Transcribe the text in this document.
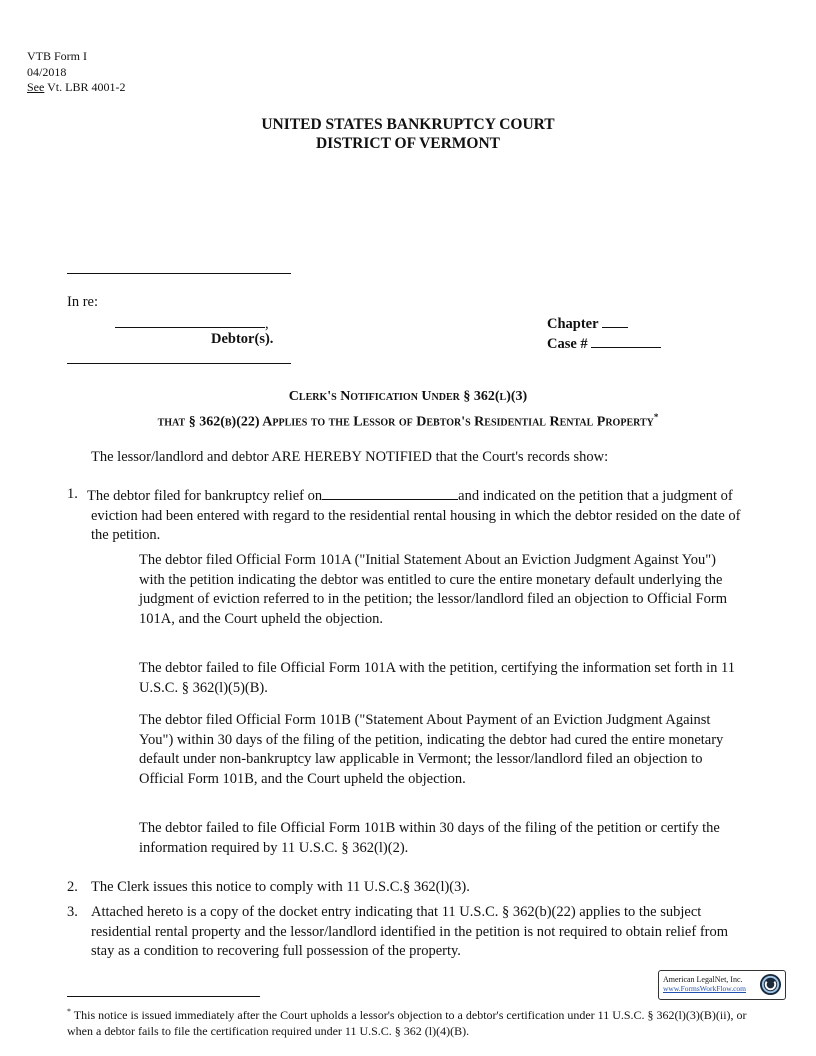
VTB Form I
04/2018
See Vt. LBR 4001-2
UNITED STATES BANKRUPTCY COURT
DISTRICT OF VERMONT
In re:
,
Debtor(s).
Chapter
Case #
Clerk's Notification Under § 362(l)(3)
that § 362(b)(22) Applies to the Lessor of Debtor's Residential Rental Property*
The lessor/landlord and debtor ARE HEREBY NOTIFIED that the Court's records show:
1. The debtor filed for bankruptcy relief on	and indicated on the petition that a judgment of eviction had been entered with regard to the residential rental housing in which the debtor resided on the date of the petition.
The debtor filed Official Form 101A ("Initial Statement About an Eviction Judgment Against You") with the petition indicating the debtor was entitled to cure the entire monetary default underlying the judgment of eviction referred to in the petition; the lessor/landlord filed an objection to Official Form 101A, and the Court upheld the objection.
The debtor failed to file Official Form 101A with the petition, certifying the information set forth in 11 U.S.C. § 362(l)(5)(B).
The debtor filed Official Form 101B ("Statement About Payment of an Eviction Judgment Against You") within 30 days of the filing of the petition, indicating the debtor had cured the entire monetary default under non-bankruptcy law applicable in Vermont; the lessor/landlord filed an objection to Official Form 101B, and the Court upheld the objection.
The debtor failed to file Official Form 101B within 30 days of the filing of the petition or certify the information required by 11 U.S.C. § 362(l)(2).
2. The Clerk issues this notice to comply with 11 U.S.C.§ 362(l)(3).
3. Attached hereto is a copy of the docket entry indicating that 11 U.S.C. § 362(b)(22) applies to the subject residential rental property and the lessor/landlord identified in the petition is not required to obtain relief from stay as a condition to recovering full possession of the property.
American LegalNet, Inc.
www.FormsWorkFlow.com
* This notice is issued immediately after the Court upholds a lessor's objection to a debtor's certification under 11 U.S.C. § 362(l)(3)(B)(ii), or when a debtor fails to file the certification required under 11 U.S.C. § 362 (l)(4)(B).
